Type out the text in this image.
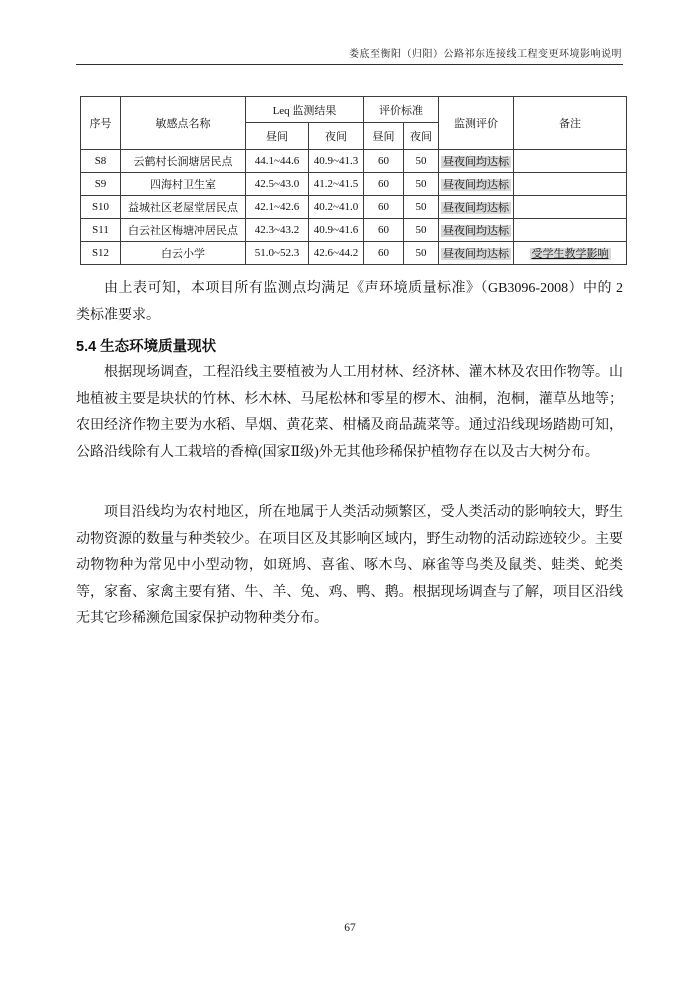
娄底至衡阳（归阳）公路祁东连接线工程变更环境影响说明
序号	敏感点名称	Leq 监测结果		评价标准		监测评价	备注
		昼间	夜间	昼间	夜间		
S8	云鹤村长涧塘居民点	44.1~44.6	40.9~41.3	60	50	昼夜间均达标	
S9	四海村卫生室	42.5~43.0	41.2~41.5	60	50	昼夜间均达标	
S10	益城社区老屋堂居民点	42.1~42.6	40.2~41.0	60	50	昼夜间均达标	
S11	白云社区梅塘冲居民点	42.3~43.2	40.9~41.6	60	50	昼夜间均达标	
S12	白云小学	51.0~52.3	42.6~44.2	60	50	昼夜间均达标	受学生教学影响

由上表可知，本项目所有监测点均满足《声环境质量标准》（GB3096-2008）中的 2 类标准要求。

5.4 生态环境质量现状

根据现场调查，工程沿线主要植被为人工用材林、经济林、灌木林及农田作物等。山地植被主要是块状的竹林、杉木林、马尾松林和零星的椤木、油桐，泡桐，灌草丛地等；农田经济作物主要为水稻、旱烟、黄花菜、柑橘及商品蔬菜等。通过沿线现场踏勘可知，公路沿线除有人工栽培的香樟(国家Ⅱ级)外无其他珍稀保护植物存在以及古大树分布。

项目沿线均为农村地区，所在地属于人类活动频繁区，受人类活动的影响较大，野生动物资源的数量与种类较少。在项目区及其影响区域内，野生动物的活动踪迹较少。主要动物物种为常见中小型动物，如斑鸠、喜雀、啄木鸟、麻雀等鸟类及鼠类、蛙类、蛇类等，家畜、家禽主要有猪、牛、羊、兔、鸡、鸭、鹅。根据现场调查与了解，项目区沿线无其它珍稀濒危国家保护动物种类分布。

67
